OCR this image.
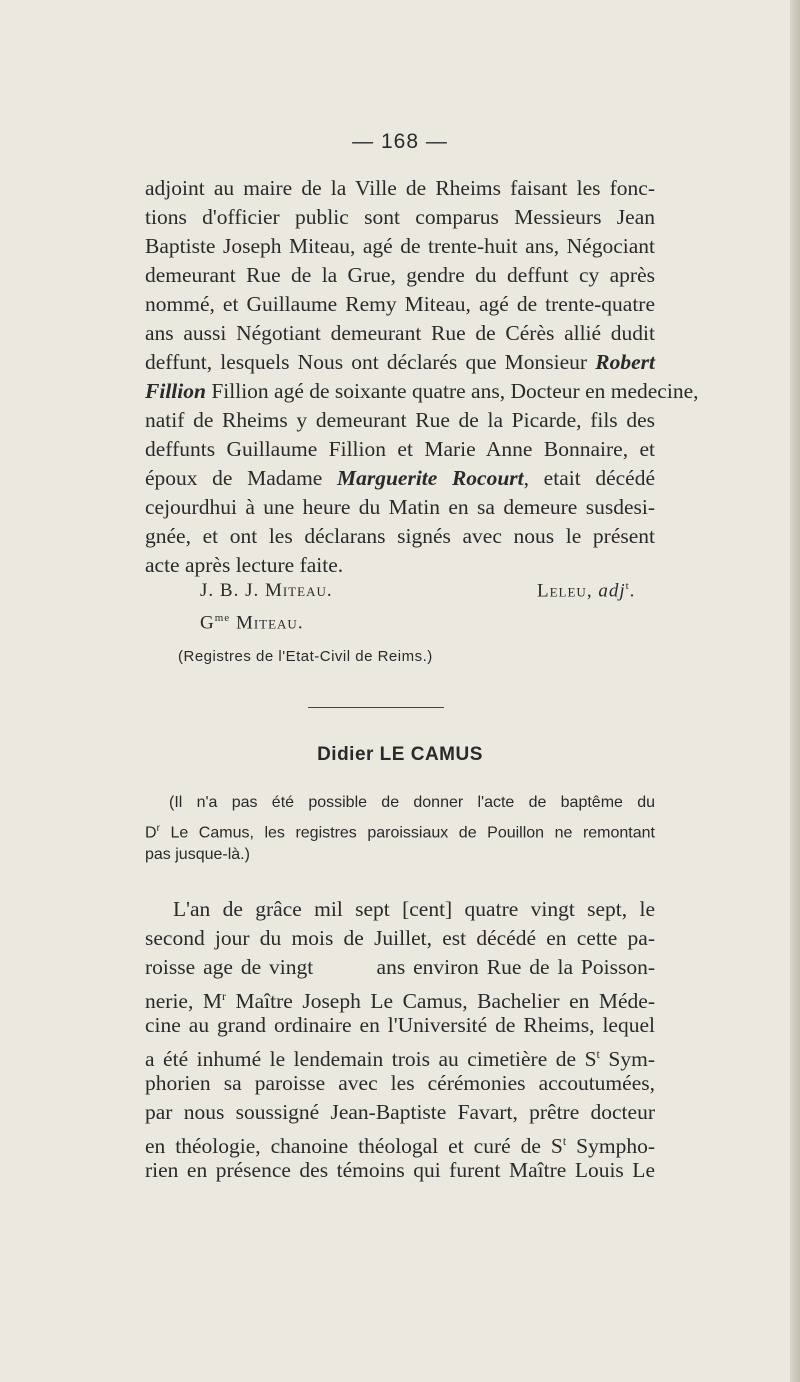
— 168 —
adjoint au maire de la Ville de Rheims faisant les fonc-
tions d'officier public sont comparus Messieurs Jean
Baptiste Joseph Miteau, agé de trente-huit ans, Négociant
demeurant Rue de la Grue, gendre du deffunt cy après
nommé, et Guillaume Remy Miteau, agé de trente-quatre
ans aussi Négotiant demeurant Rue de Cérès allié dudit
deffunt, lesquels Nous ont déclarés que Monsieur Robert
Fillion Fillion agé de soixante quatre ans, Docteur en medecine,
natif de Rheims y demeurant Rue de la Picarde, fils des
deffunts Guillaume Fillion et Marie Anne Bonnaire, et
époux de Madame Marguerite Rocourt, etait décédé
cejourdhui à une heure du Matin en sa demeure susdesi-
gnée, et ont les déclarans signés avec nous le présent
acte après lecture faite.
J. B. J. Miteau.	Leleu, adj$^t$.
$G^{me}$ Miteau.
(Registres de l'Etat-Civil de Reims.)
Didier LE CAMUS
(Il n'a pas été possible de donner l'acte de baptême du
$D^r$ Le Camus, les registres paroissiaux de Pouillon ne remontant
pas jusque-là.)
L'an de grâce mil sept [cent] quatre vingt sept, le
second jour du mois de Juillet, est décédé en cette pa-
roisse age de vingt        ans environ Rue de la Poisson-
nerie, $M^r$ Maître Joseph Le Camus, Bachelier en Méde-
cine au grand ordinaire en l'Université de Rheims, lequel
a été inhumé le lendemain trois au cimetière de $S^t$ Sym-
phorien sa paroisse avec les cérémonies accoutumées,
par nous soussigné Jean-Baptiste Favart, prêtre docteur
en théologie, chanoine théologal et curé de $S^t$ Sympho-
rien en présence des témoins qui furent Maître Louis Le
